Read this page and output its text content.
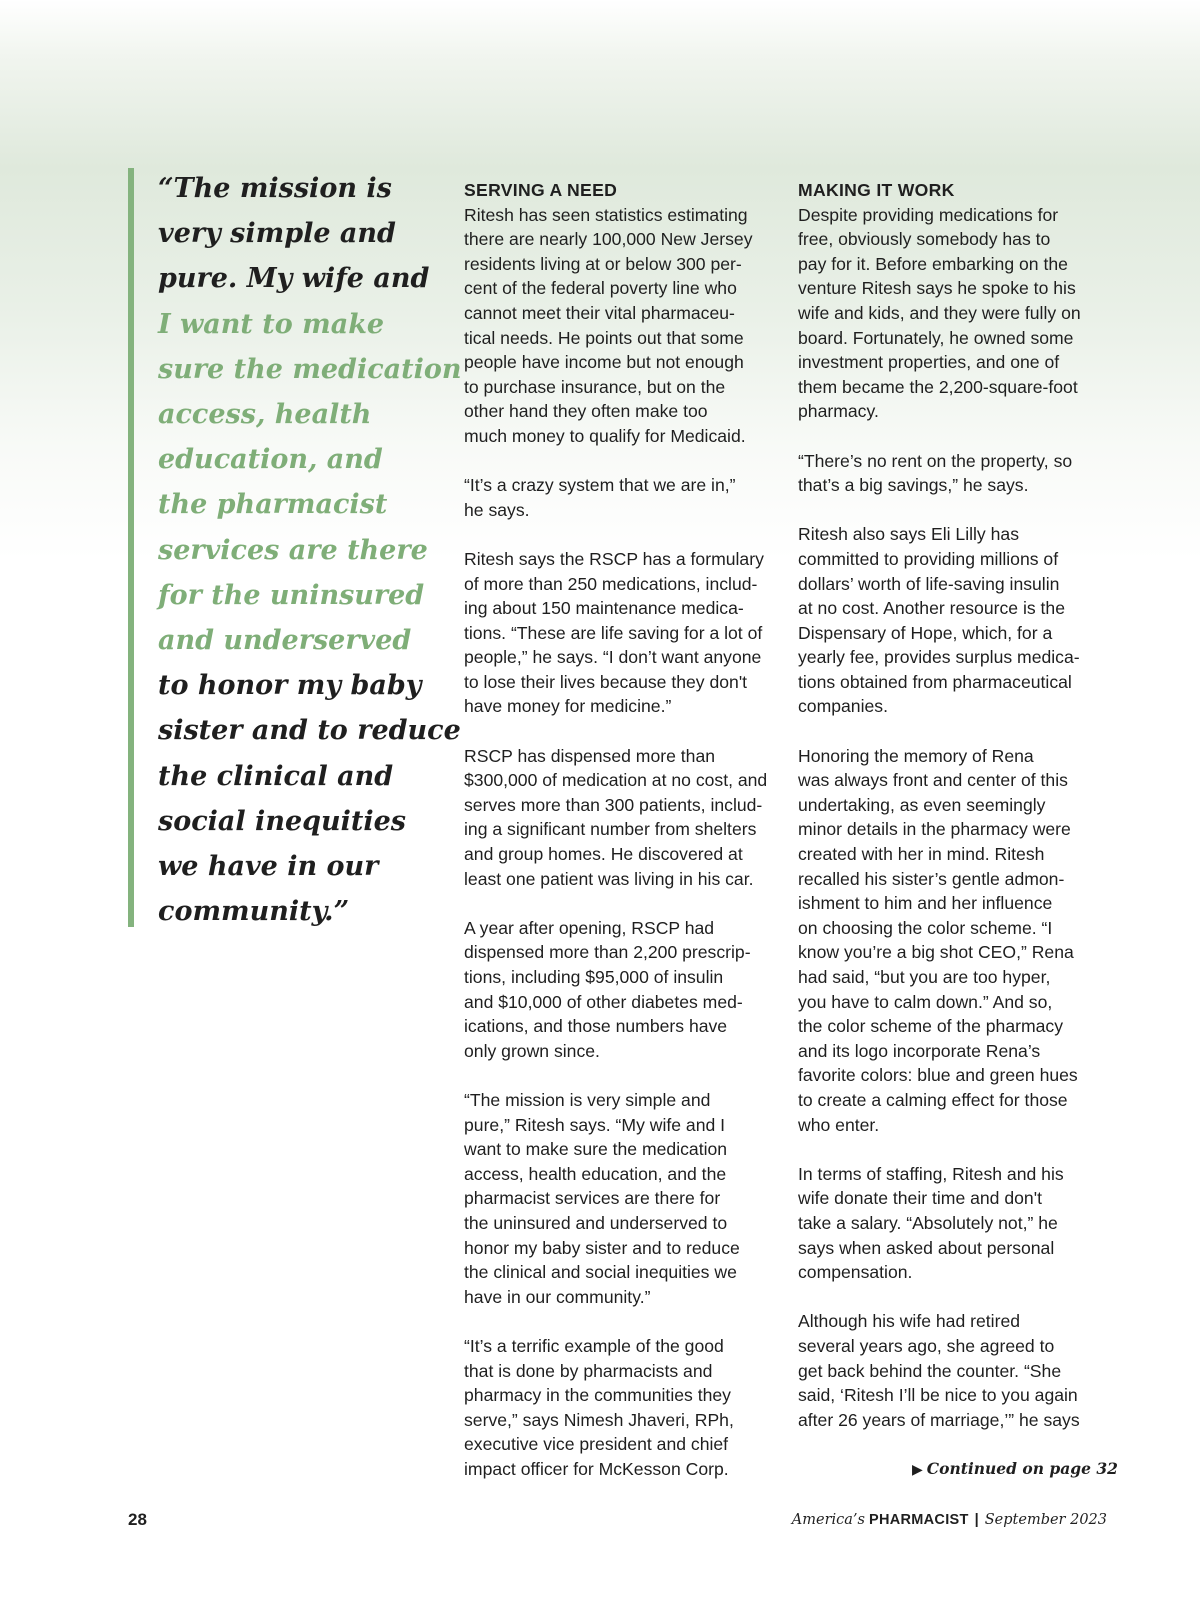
“The mission is
very simple and
pure. My wife and
I want to make
sure the medication
access, health
education, and
the pharmacist
services are there
for the uninsured
and underserved
to honor my baby
sister and to reduce
the clinical and
social inequities
we have in our
community.”
SERVING A NEED

Ritesh has seen statistics estimating
there are nearly 100,000 New Jersey
residents living at or below 300 per-
cent of the federal poverty line who
cannot meet their vital pharmaceu-
tical needs. He points out that some
people have income but not enough
to purchase insurance, but on the
other hand they often make too
much money to qualify for Medicaid.

“It’s a crazy system that we are in,”
he says.

Ritesh says the RSCP has a formulary
of more than 250 medications, includ-
ing about 150 maintenance medica-
tions. “These are life saving for a lot of
people,” he says. “I don’t want anyone
to lose their lives because they don't
have money for medicine.”

RSCP has dispensed more than
$300,000 of medication at no cost, and
serves more than 300 patients, includ-
ing a significant number from shelters
and group homes. He discovered at
least one patient was living in his car.

A year after opening, RSCP had
dispensed more than 2,200 prescrip-
tions, including $95,000 of insulin
and $10,000 of other diabetes med-
ications, and those numbers have
only grown since.

“The mission is very simple and
pure,” Ritesh says. “My wife and I
want to make sure the medication
access, health education, and the
pharmacist services are there for
the uninsured and underserved to
honor my baby sister and to reduce
the clinical and social inequities we
have in our community.”

“It’s a terrific example of the good
that is done by pharmacists and
pharmacy in the communities they
serve,” says Nimesh Jhaveri, RPh,
executive vice president and chief
impact officer for McKesson Corp.

MAKING IT WORK

Despite providing medications for
free, obviously somebody has to
pay for it. Before embarking on the
venture Ritesh says he spoke to his
wife and kids, and they were fully on
board. Fortunately, he owned some
investment properties, and one of
them became the 2,200-square-foot
pharmacy.

“There’s no rent on the property, so
that’s a big savings,” he says.

Ritesh also says Eli Lilly has
committed to providing millions of
dollars’ worth of life-saving insulin
at no cost. Another resource is the
Dispensary of Hope, which, for a
yearly fee, provides surplus medica-
tions obtained from pharmaceutical
companies.

Honoring the memory of Rena
was always front and center of this
undertaking, as even seemingly
minor details in the pharmacy were
created with her in mind. Ritesh
recalled his sister’s gentle admon-
ishment to him and her influence
on choosing the color scheme. “I
know you’re a big shot CEO,” Rena
had said, “but you are too hyper,
you have to calm down.” And so,
the color scheme of the pharmacy
and its logo incorporate Rena’s
favorite colors: blue and green hues
to create a calming effect for those
who enter.

In terms of staffing, Ritesh and his
wife donate their time and don't
take a salary. “Absolutely not,” he
says when asked about personal
compensation.

Although his wife had retired
several years ago, she agreed to
get back behind the counter. “She
said, ‘Ritesh I’ll be nice to you again
after 26 years of marriage,’” he says

▶ Continued on page 32
28	America’s PHARMACIST | September 2023
